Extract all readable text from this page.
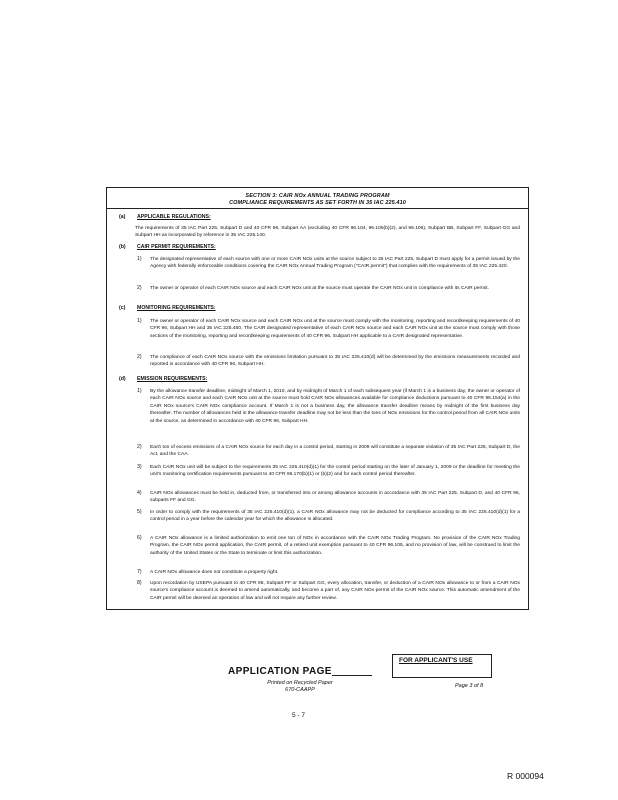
SECTION 3: CAIR NOx ANNUAL TRADING PROGRAM
COMPLIANCE REQUIREMENTS AS SET FORTH IN 35 IAC 225.410
(a) APPLICABLE REGULATIONS:
The requirements of 35 IAC Part 225, Subpart D and 40 CFR 96, Subpart AA (excluding 40 CFR 96.104, 96.105(b)(2), and 96.106), Subpart BB, Subpart FF, Subpart GG and Subpart HH as incorporated by reference in 35 IAC 225.140.
(b) CAIR PERMIT REQUIREMENTS:
1) The designated representative of each source with one or more CAIR NOx units at the source subject to 35 IAC Part 225, Subpart D must apply for a permit issued by the Agency with federally enforceable conditions covering the CAIR NOx Annual Trading Program ("CAIR permit") that complies with the requirements of 35 IAC 225.420.
2) The owner or operator of each CAIR NOx source and each CAIR NOx unit at the source must operate the CAIR NOx unit in compliance with its CAIR permit.
(c) MONITORING REQUIREMENTS:
1) The owner or operator of each CAIR NOx source and each CAIR NOx unit at the source must comply with the monitoring, reporting and recordkeeping requirements of 40 CFR 96, Subpart HH and 35 IAC 225.450. The CAIR designated representative of each CAIR NOx source and each CAIR NOx unit at the source must comply with those sections of the monitoring, reporting and recordkeeping requirements of 40 CFR 96, Subpart HH applicable to a CAIR designated representative.
2) The compliance of each CAIR NOx source with the emissions limitation pursuant to 35 IAC 225.410(d) will be determined by the emissions measurements recorded and reported in accordance with 40 CFR 96, Subpart HH.
(d) EMISSION REQUIREMENTS:
1) By the allowance transfer deadline, midnight of March 1, 2010, and by midnight of March 1 of each subsequent year (if March 1 is a business day, the owner or operator of each CAIR NOx source and each CAIR NOx unit at the source must hold CAIR NOx allowances available for compliance deductions pursuant to 40 CFR 96.154(a) in the CAIR NOx source's CAIR NOx compliance account. If March 1 is not a business day, the allowance transfer deadline means by midnight of the first business day thereafter. The number of allowances held in the allowance transfer deadline may not be less than the tons of NOx emissions for the control period from all CAIR NOx units at the source, as determined in accordance with 40 CFR 96, Subpart HH.
2) Each ton of excess emissions of a CAIR NOx source for each day in a control period, starting in 2009 will constitute a separate violation of 35 IAC Part 225, Subpart D, the Act, and the CAA.
3) Each CAIR NOx unit will be subject to the requirements 35 IAC 225.410(d)(1) for the control period starting on the later of January 1, 2009 or the deadline for meeting the unit's monitoring certification requirements pursuant to 40 CFR 96.170(b)(1) or (b)(2) and for each control period thereafter.
4) CAIR NOx allowances must be held in, deducted from, or transferred into or among allowance accounts in accordance with 35 IAC Part 225, Subpart D, and 40 CFR 96, subparts FF and GG.
5) In order to comply with the requirements of 35 IAC 225.410(d)(1), a CAIR NOx allowance may not be deducted for compliance according to 35 IAC 225.410(d)(1) for a control period in a year before the calendar year for which the allowance is allocated.
6) A CAIR NOx allowance is a limited authorization to emit one ton of NOx in accordance with the CAIR NOx Trading Program. No provision of the CAIR NOx Trading Program, the CAIR NOx permit application, the CAIR permit, of a retired unit exemption pursuant to 40 CFR 96.105, and no provision of law, will be construed to limit the authority of the United States or the State to terminate or limit this authorization.
7) A CAIR NOx allowance does not constitute a property right.
8) Upon recordation by USEPA pursuant to 40 CFR 96, Subpart FF or Subpart GG, every allocation, transfer, or deduction of a CAIR NOx allowance to or from a CAIR NOx source's compliance account is deemed to amend automatically, and become a part of, any CAIR NOx permit of the CAIR NOx source. This automatic amendment of the CAIR permit will be deemed an operation of law and will not require any further review.
APPLICATION PAGE
FOR APPLICANT'S USE
Printed on Recycled Paper
670-CAAPP
Page 3 of 8
5 - 7
R 000094
